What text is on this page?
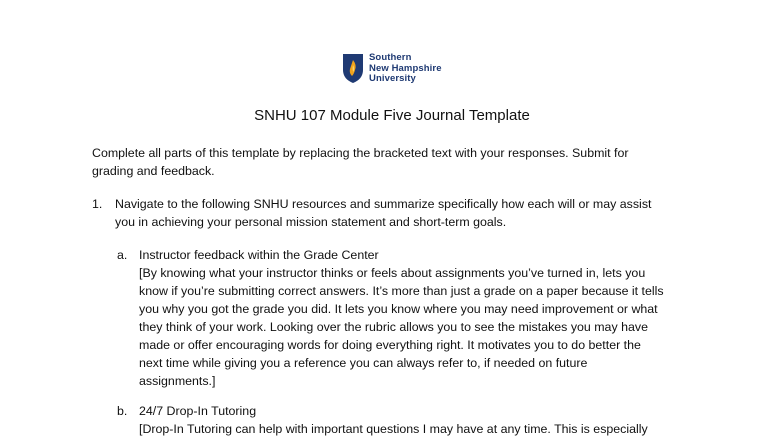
Southern
New Hampshire
University
SNHU 107 Module Five Journal Template
Complete all parts of this template by replacing the bracketed text with your responses. Submit for
grading and feedback.
1. Navigate to the following SNHU resources and summarize specifically how each will or may assist
you in achieving your personal mission statement and short-term goals.
a. Instructor feedback within the Grade Center
[By knowing what your instructor thinks or feels about assignments you’ve turned in, lets you
know if you’re submitting correct answers. It’s more than just a grade on a paper because it tells
you why you got the grade you did. It lets you know where you may need improvement or what
they think of your work. Looking over the rubric allows you to see the mistakes you may have
made or offer encouraging words for doing everything right. It motivates you to do better the
next time while giving you a reference you can always refer to, if needed on future
assignments.]
b. 24/7 Drop-In Tutoring
[Drop-In Tutoring can help with important questions I may have at any time. This is especially
